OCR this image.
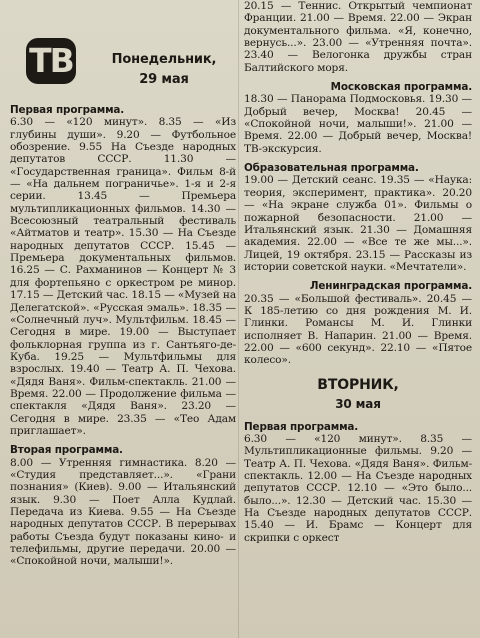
ТВ	Понедельник,
29 мая

Первая программа.
6.30 — «120 минут». 8.35 — «Из глубины души». 9.20 — Футбольное обозрение. 9.55 На Съезде народных депутатов СССР. 11.30 — «Государственная граница». Фильм 8-й — «На дальнем пограничье». 1-я и 2-я серии. 13.45 — Премьера мультипликационных фильмов. 14.30 — Всесоюзный театральный фестиваль «Айтматов и театр». 15.30 — На Съезде народных депутатов СССР. 15.45 — Премьера документальных фильмов. 16.25 — С. Рахманинов — Концерт № 3 для фортепьяно с оркестром ре минор. 17.15 — Детский час. 18.15 — «Музей на Делегатской». «Русская эмаль». 18.35 — «Солнечный луч». Мультфильм. 18.45 — Сегодня в мире. 19.00 — Выступает фольклорная группа из г. Сантьяго-де-Куба. 19.25 — Мультфильмы для взрослых. 19.40 — Театр А. П. Чехова. «Дядя Ваня». Фильм-спектакль. 21.00 — Время. 22.00 — Продолжение фильма — спектакля «Дядя Ваня». 23.20 — Сегодня в мире. 23.35 — «Тео Адам приглашает».

Вторая программа.
8.00 — Утренняя гимнастика. 8.20 — «Студия представляет...». «Грани познания» (Киев). 9.00 — Итальянский язык. 9.30 — Поет Алла Кудлай. Передача из Киева. 9.55 — На Съезде народных депутатов СССР. В перерывах работы Съезда будут показаны кино- и телефильмы, другие передачи. 20.00 — «Спокойной ночи, малыши!».

20.15 — Теннис. Открытый чемпионат Франции. 21.00 — Время. 22.00 — Экран документального фильма. «Я, конечно, вернусь...». 23.00 — «Утренняя почта». 23.40 — Велогонка дружбы стран Балтийского моря.

Московская программа.
18.30 — Панорама Подмосковья. 19.30 — Добрый вечер, Москва! 20.45 — «Спокойной ночи, малыши!». 21.00 — Время. 22.00 — Добрый вечер, Москва! ТВ-экскурсия.

Образовательная программа.
19.00 — Детский сеанс. 19.35 — «Наука: теория, эксперимент, практика». 20.20 — «На экране служба 01». Фильмы о пожарной безопасности. 21.00 — Итальянский язык. 21.30 — Домашняя академия. 22.00 — «Все те же мы...». Лицей, 19 октября. 23.15 — Рассказы из истории советской науки. «Мечтатели».

Ленинградская программа.
20.35 — «Большой фестиваль». 20.45 — К 185-летию со дня рождения М. И. Глинки. Романсы М. И. Глинки исполняет В. Напарин. 21.00 — Время. 22.00 — «600 секунд». 22.10 — «Пятое колесо».

ВТОРНИК,
30 мая

Первая программа.
6.30 — «120 минут». 8.35 — Мультипликационные фильмы. 9.20 — Театр А. П. Чехова. «Дядя Ваня». Фильм-спектакль. 12.00 — На Съезде народных депутатов СССР. 12.10 — «Это было... было...». 12.30 — Детский час. 15.30 — На Съезде народных депутатов СССР. 15.40 — И. Брамс — Концерт для скрипки с оркест
